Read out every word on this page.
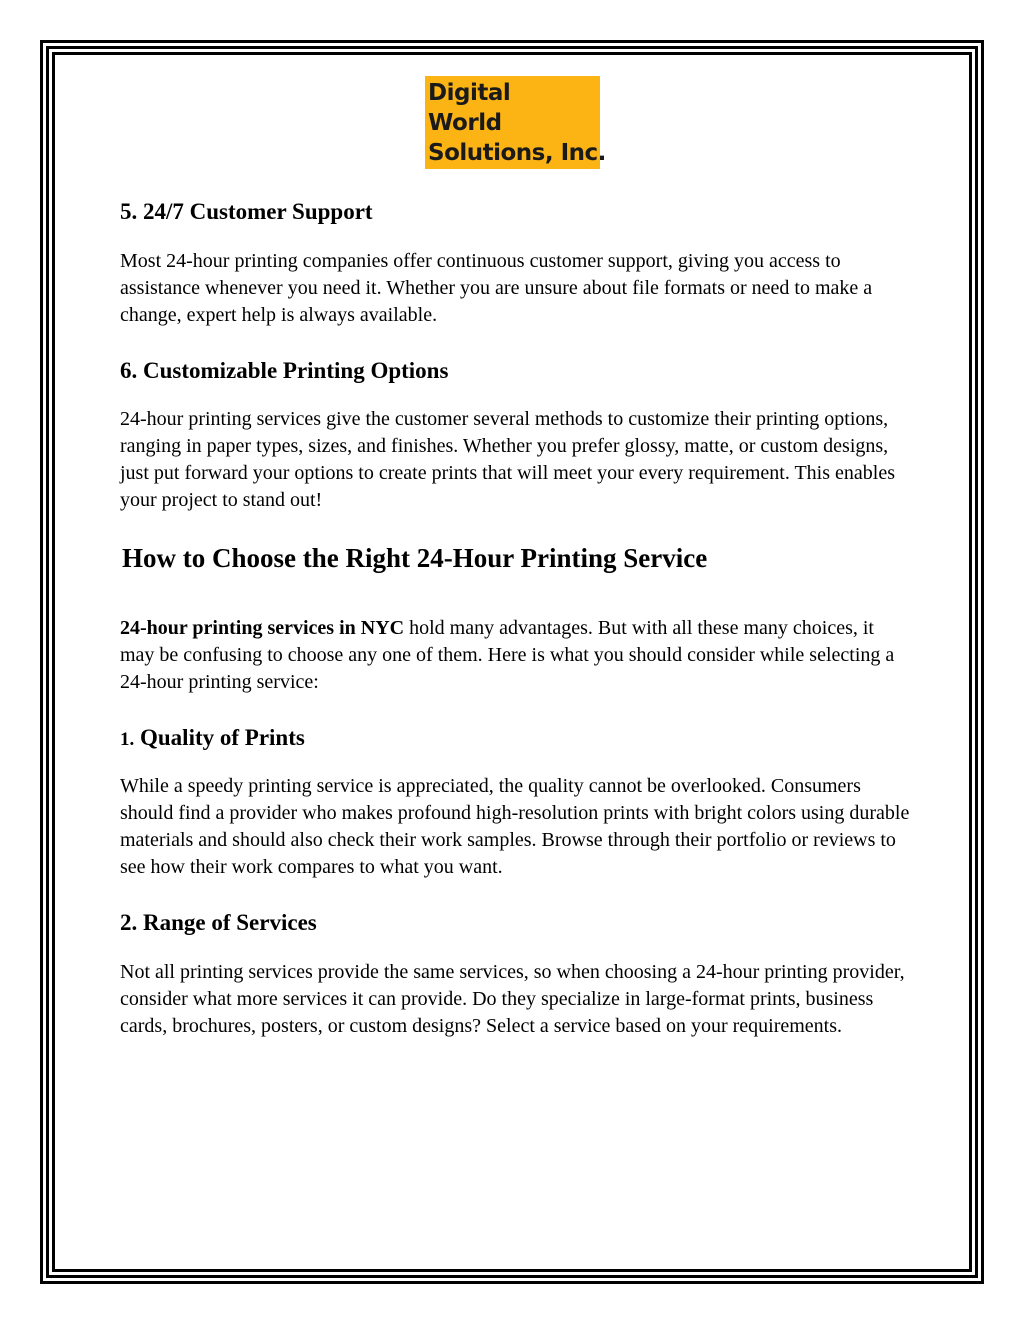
Digital
World
Solutions, Inc.
5. 24/7 Customer Support

Most 24-hour printing companies offer continuous customer support, giving you access to assistance whenever you need it. Whether you are unsure about file formats or need to make a change, expert help is always available.

6. Customizable Printing Options

24-hour printing services give the customer several methods to customize their printing options, ranging in paper types, sizes, and finishes. Whether you prefer glossy, matte, or custom designs, just put forward your options to create prints that will meet your every requirement. This enables your project to stand out!

How to Choose the Right 24-Hour Printing Service

24-hour printing services in NYC hold many advantages. But with all these many choices, it may be confusing to choose any one of them. Here is what you should consider while selecting a 24-hour printing service:

1. Quality of Prints

While a speedy printing service is appreciated, the quality cannot be overlooked. Consumers should find a provider who makes profound high-resolution prints with bright colors using durable materials and should also check their work samples. Browse through their portfolio or reviews to see how their work compares to what you want.

2. Range of Services

Not all printing services provide the same services, so when choosing a 24-hour printing provider, consider what more services it can provide. Do they specialize in large-format prints, business cards, brochures, posters, or custom designs? Select a service based on your requirements.
